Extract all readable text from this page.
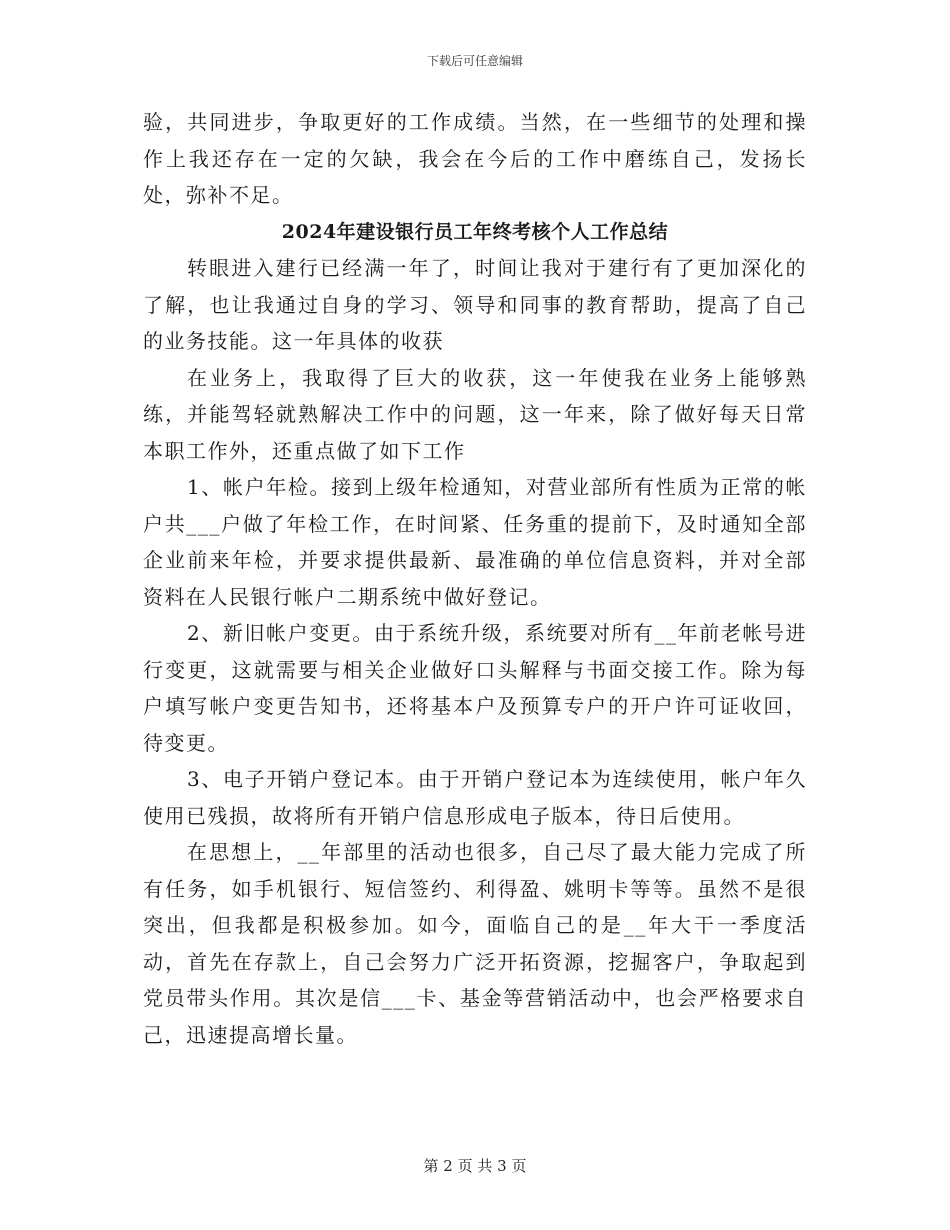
下载后可任意编辑

验，共同进步，争取更好的工作成绩。当然，在一些细节的处理和操作上我还存在一定的欠缺，我会在今后的工作中磨练自己，发扬长处，弥补不足。

2024年建设银行员工年终考核个人工作总结

转眼进入建行已经满一年了，时间让我对于建行有了更加深化的了解，也让我通过自身的学习、领导和同事的教育帮助，提高了自己的业务技能。这一年具体的收获

在业务上，我取得了巨大的收获，这一年使我在业务上能够熟练，并能驾轻就熟解决工作中的问题，这一年来，除了做好每天日常本职工作外，还重点做了如下工作

1、帐户年检。接到上级年检通知，对营业部所有性质为正常的帐户共___户做了年检工作，在时间紧、任务重的提前下，及时通知全部企业前来年检，并要求提供最新、最准确的单位信息资料，并对全部资料在人民银行帐户二期系统中做好登记。

2、新旧帐户变更。由于系统升级，系统要对所有__年前老帐号进行变更，这就需要与相关企业做好口头解释与书面交接工作。除为每户填写帐户变更告知书，还将基本户及预算专户的开户许可证收回，待变更。

3、电子开销户登记本。由于开销户登记本为连续使用，帐户年久使用已残损，故将所有开销户信息形成电子版本，待日后使用。

在思想上，__年部里的活动也很多，自己尽了最大能力完成了所有任务，如手机银行、短信签约、利得盈、姚明卡等等。虽然不是很突出，但我都是积极参加。如今，面临自己的是__年大干一季度活动，首先在存款上，自己会努力广泛开拓资源，挖掘客户，争取起到党员带头作用。其次是信___卡、基金等营销活动中，也会严格要求自己，迅速提高增长量。

第 2 页 共 3 页
